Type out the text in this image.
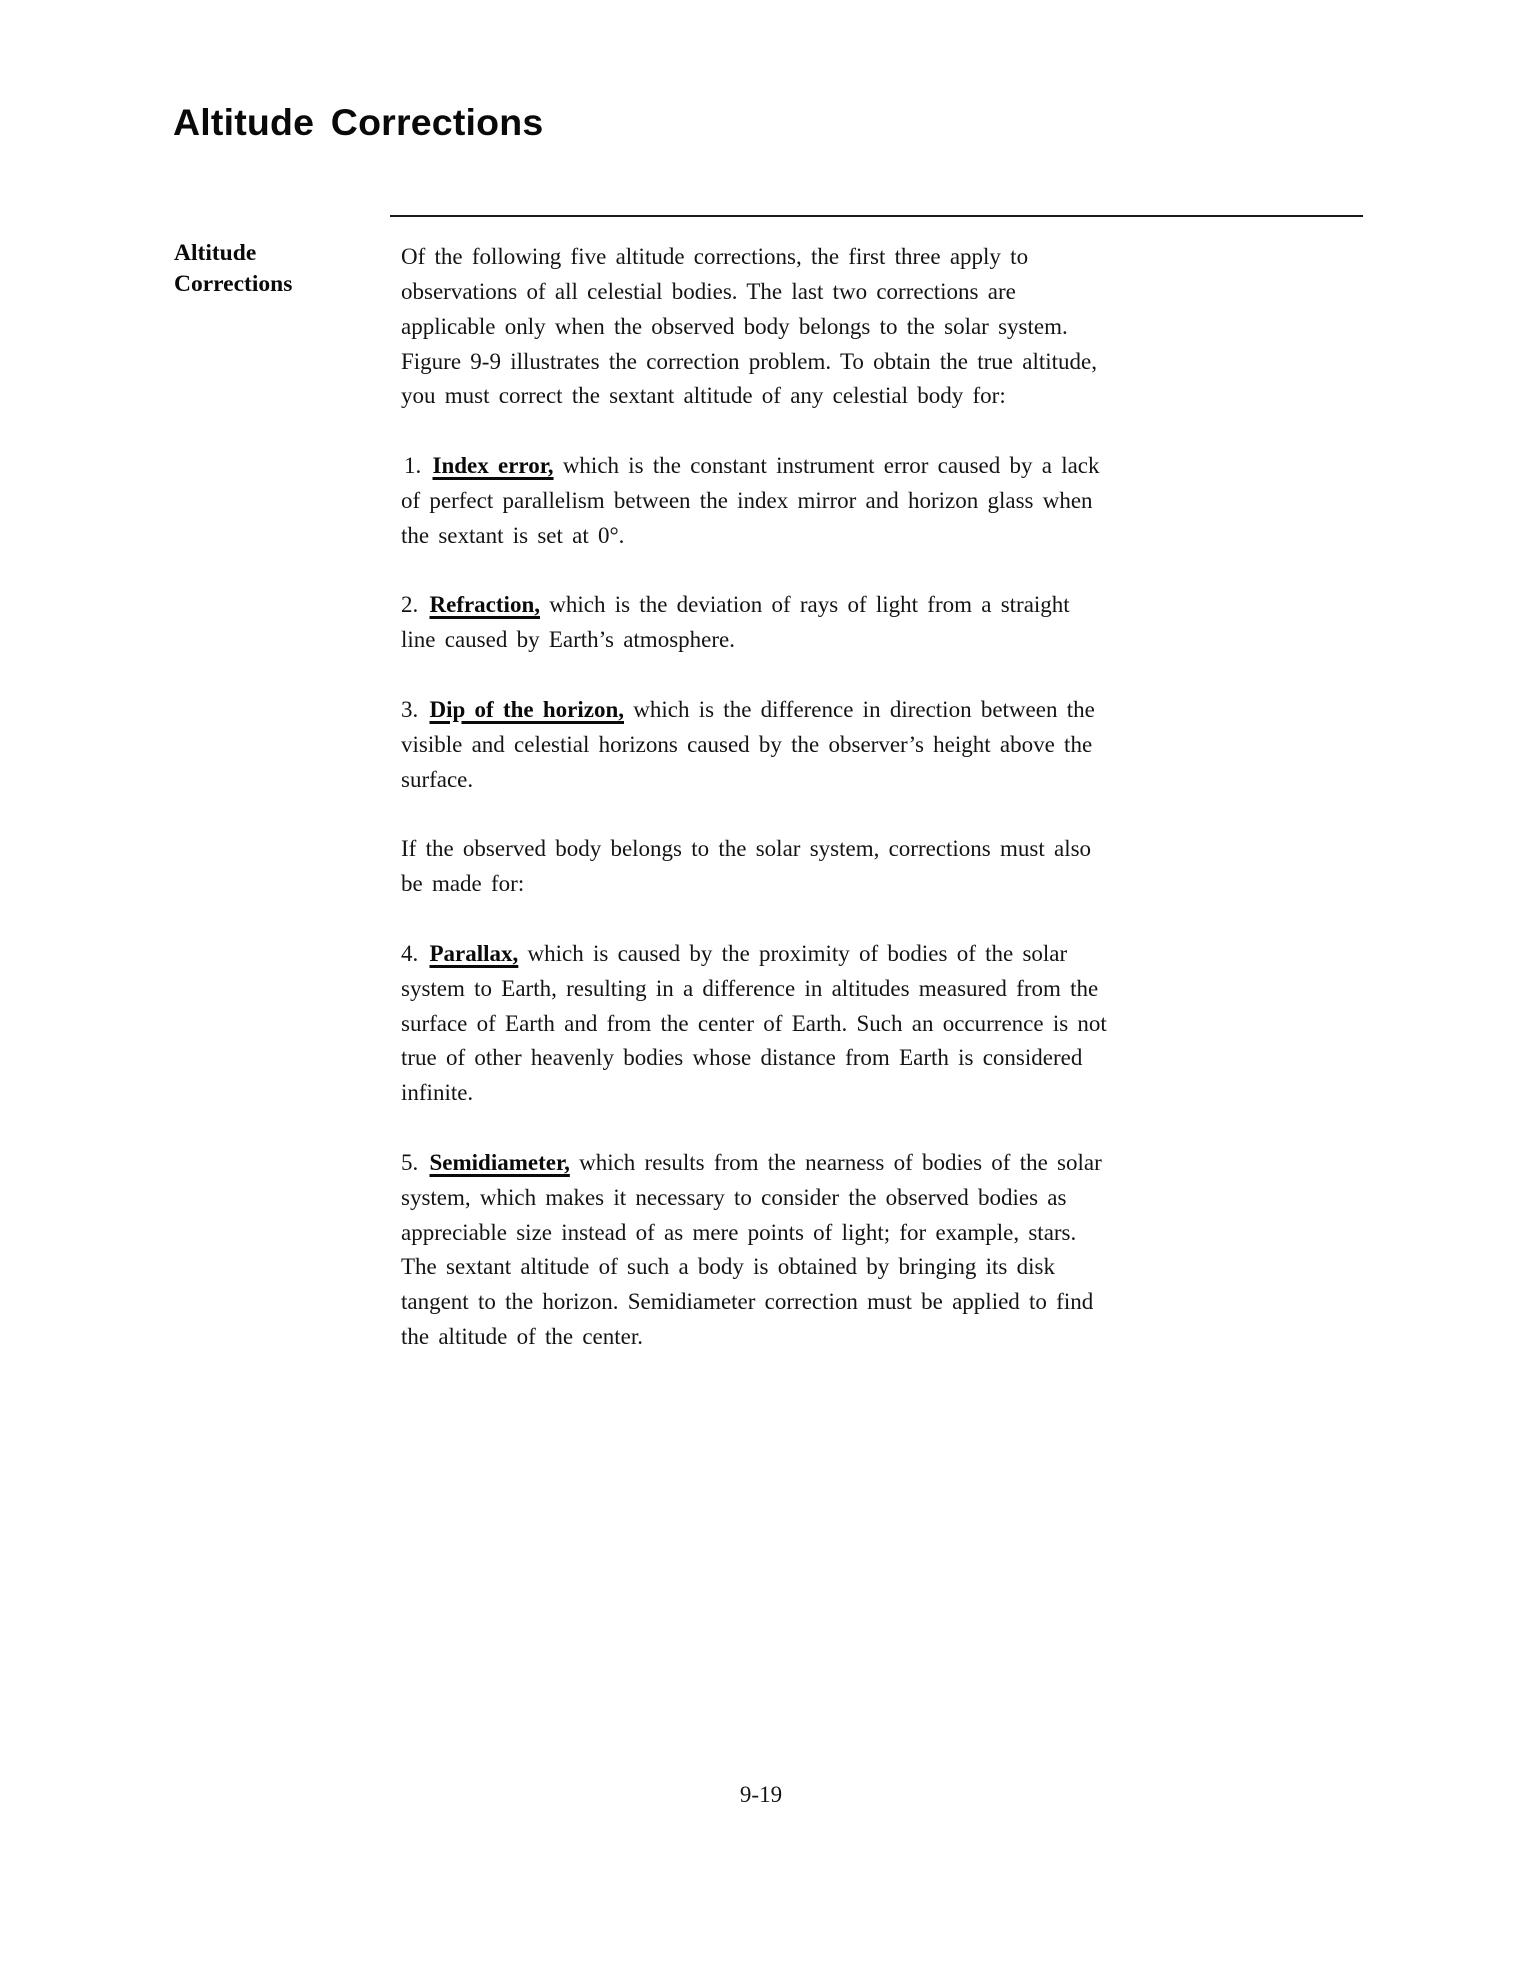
Altitude Corrections
Altitude
Corrections

Of the following five altitude corrections, the first three apply to
observations of all celestial bodies. The last two corrections are
applicable only when the observed body belongs to the solar system.
Figure 9-9 illustrates the correction problem. To obtain the true altitude,
you must correct the sextant altitude of any celestial body for:

1. Index error, which is the constant instrument error caused by a lack
of perfect parallelism between the index mirror and horizon glass when
the sextant is set at 0°.

2. Refraction, which is the deviation of rays of light from a straight
line caused by Earth’s atmosphere.

3. Dip of the horizon, which is the difference in direction between the
visible and celestial horizons caused by the observer’s height above the
surface.

If the observed body belongs to the solar system, corrections must also
be made for:

4. Parallax, which is caused by the proximity of bodies of the solar
system to Earth, resulting in a difference in altitudes measured from the
surface of Earth and from the center of Earth. Such an occurrence is not
true of other heavenly bodies whose distance from Earth is considered
infinite.

5. Semidiameter, which results from the nearness of bodies of the solar
system, which makes it necessary to consider the observed bodies as
appreciable size instead of as mere points of light; for example, stars.
The sextant altitude of such a body is obtained by bringing its disk
tangent to the horizon. Semidiameter correction must be applied to find
the altitude of the center.

9-19
